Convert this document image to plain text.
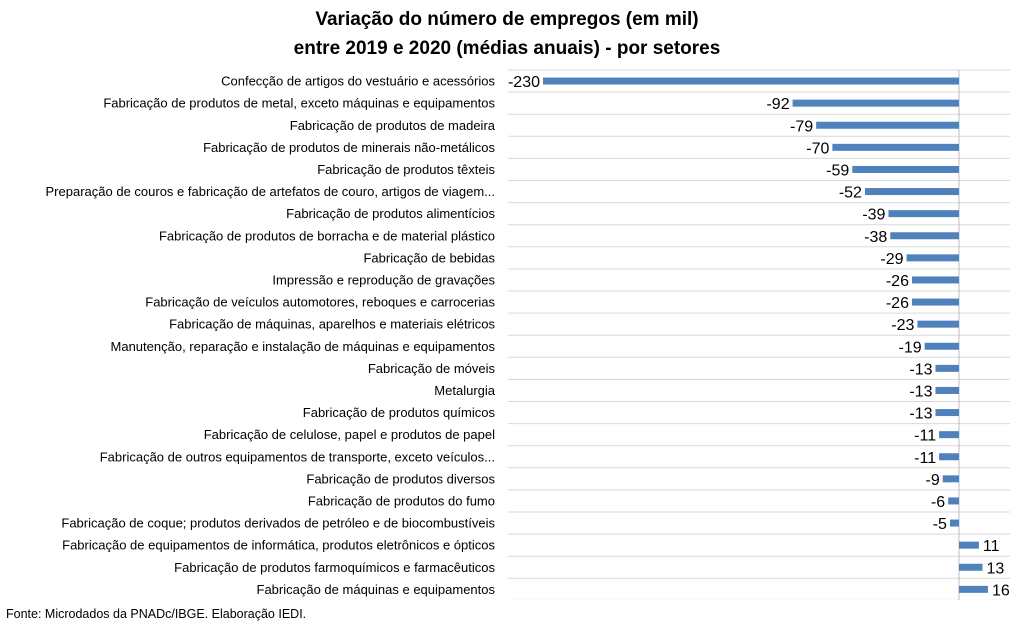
Variação do número de empregos (em mil)
entre 2019 e 2020 (médias anuais) - por setores
Confecção de artigos do vestuário e acessórios -230
Fabricação de produtos de metal, exceto máquinas e equipamentos	-92
Fabricação de produtos de madeira	-79
Fabricação de produtos de minerais não-metálicos	-70
Fabricação de produtos têxteis	-59
Preparação de couros e fabricação de artefatos de couro, artigos de viagem...	-52
Fabricação de produtos alimentícios	-39
Fabricação de produtos de borracha e de material plástico	-38
Fabricação de bebidas	-29
Impressão e reprodução de gravações	-26
Fabricação de veículos automotores, reboques e carrocerias	-26
Fabricação de máquinas, aparelhos e materiais elétricos	-23
Manutenção, reparação e instalação de máquinas e equipamentos	-19
Fabricação de móveis	-13
Metalurgia	-13
Fabricação de produtos químicos	-13
Fabricação de celulose, papel e produtos de papel	-11
Fabricação de outros equipamentos de transporte, exceto veículos...	-11
Fabricação de produtos diversos	-9
Fabricação de produtos do fumo	-6
Fabricação de coque; produtos derivados de petróleo e de biocombustíveis	-5
Fabricação de equipamentos de informática, produtos eletrônicos e ópticos	11
Fabricação de produtos farmoquímicos e farmacêuticos	13
Fabricação de máquinas e equipamentos	16
Fonte: Microdados da PNADc/IBGE. Elaboração IEDI.
